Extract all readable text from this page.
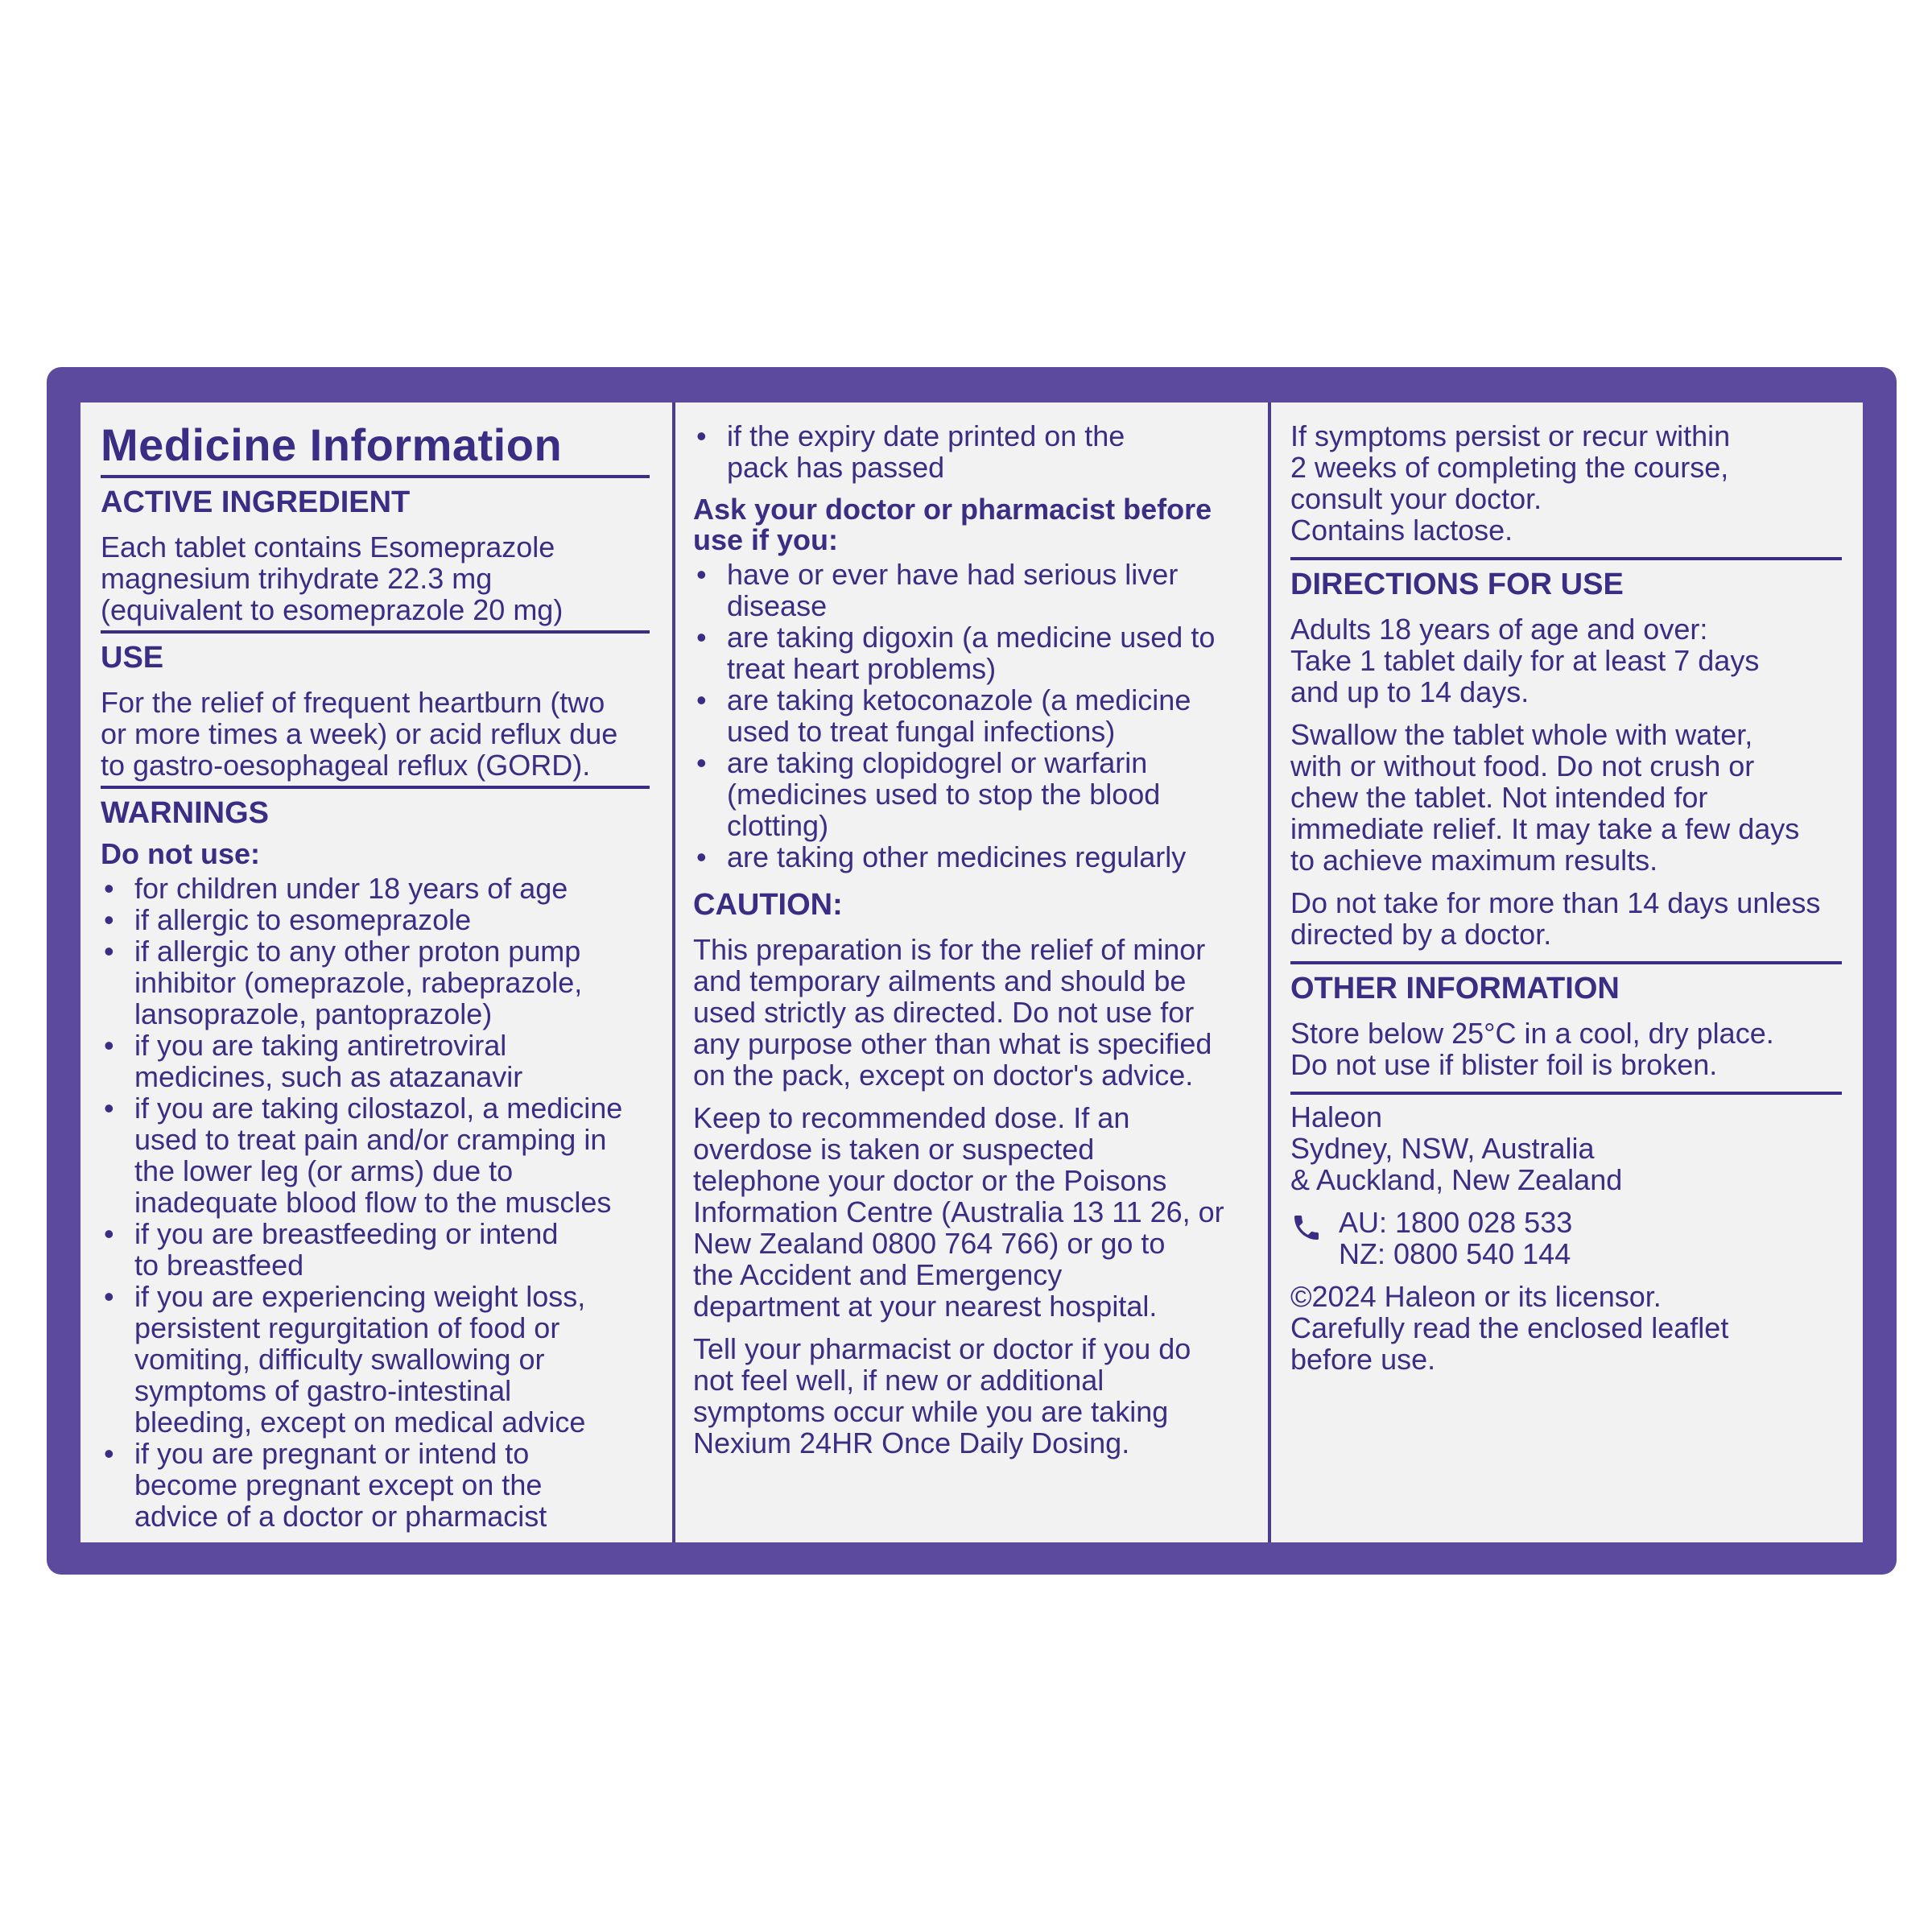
Medicine Information
ACTIVE INGREDIENT
Each tablet contains Esomeprazole
magnesium trihydrate 22.3 mg
(equivalent to esomeprazole 20 mg)
USE
For the relief of frequent heartburn (two
or more times a week) or acid reflux due
to gastro-oesophageal reflux (GORD).
WARNINGS
Do not use:
• for children under 18 years of age
• if allergic to esomeprazole
• if allergic to any other proton pump
inhibitor (omeprazole, rabeprazole,
lansoprazole, pantoprazole)
• if you are taking antiretroviral
medicines, such as atazanavir
• if you are taking cilostazol, a medicine
used to treat pain and/or cramping in
the lower leg (or arms) due to
inadequate blood flow to the muscles
• if you are breastfeeding or intend
to breastfeed
• if you are experiencing weight loss,
persistent regurgitation of food or
vomiting, difficulty swallowing or
symptoms of gastro-intestinal
bleeding, except on medical advice
• if you are pregnant or intend to
become pregnant except on the
advice of a doctor or pharmacist
• if the expiry date printed on the
pack has passed
Ask your doctor or pharmacist before
use if you:
• have or ever have had serious liver
disease
• are taking digoxin (a medicine used to
treat heart problems)
• are taking ketoconazole (a medicine
used to treat fungal infections)
• are taking clopidogrel or warfarin
(medicines used to stop the blood
clotting)
• are taking other medicines regularly
CAUTION:
This preparation is for the relief of minor
and temporary ailments and should be
used strictly as directed. Do not use for
any purpose other than what is specified
on the pack, except on doctor's advice.
Keep to recommended dose. If an
overdose is taken or suspected
telephone your doctor or the Poisons
Information Centre (Australia 13 11 26, or
New Zealand 0800 764 766) or go to
the Accident and Emergency
department at your nearest hospital.
Tell your pharmacist or doctor if you do
not feel well, if new or additional
symptoms occur while you are taking
Nexium 24HR Once Daily Dosing.
If symptoms persist or recur within
2 weeks of completing the course,
consult your doctor.
Contains lactose.
DIRECTIONS FOR USE
Adults 18 years of age and over:
Take 1 tablet daily for at least 7 days
and up to 14 days.
Swallow the tablet whole with water,
with or without food. Do not crush or
chew the tablet. Not intended for
immediate relief. It may take a few days
to achieve maximum results.
Do not take for more than 14 days unless
directed by a doctor.
OTHER INFORMATION
Store below 25°C in a cool, dry place.
Do not use if blister foil is broken.
Haleon
Sydney, NSW, Australia
& Auckland, New Zealand
AU: 1800 028 533
NZ: 0800 540 144
©2024 Haleon or its licensor.
Carefully read the enclosed leaflet
before use.
